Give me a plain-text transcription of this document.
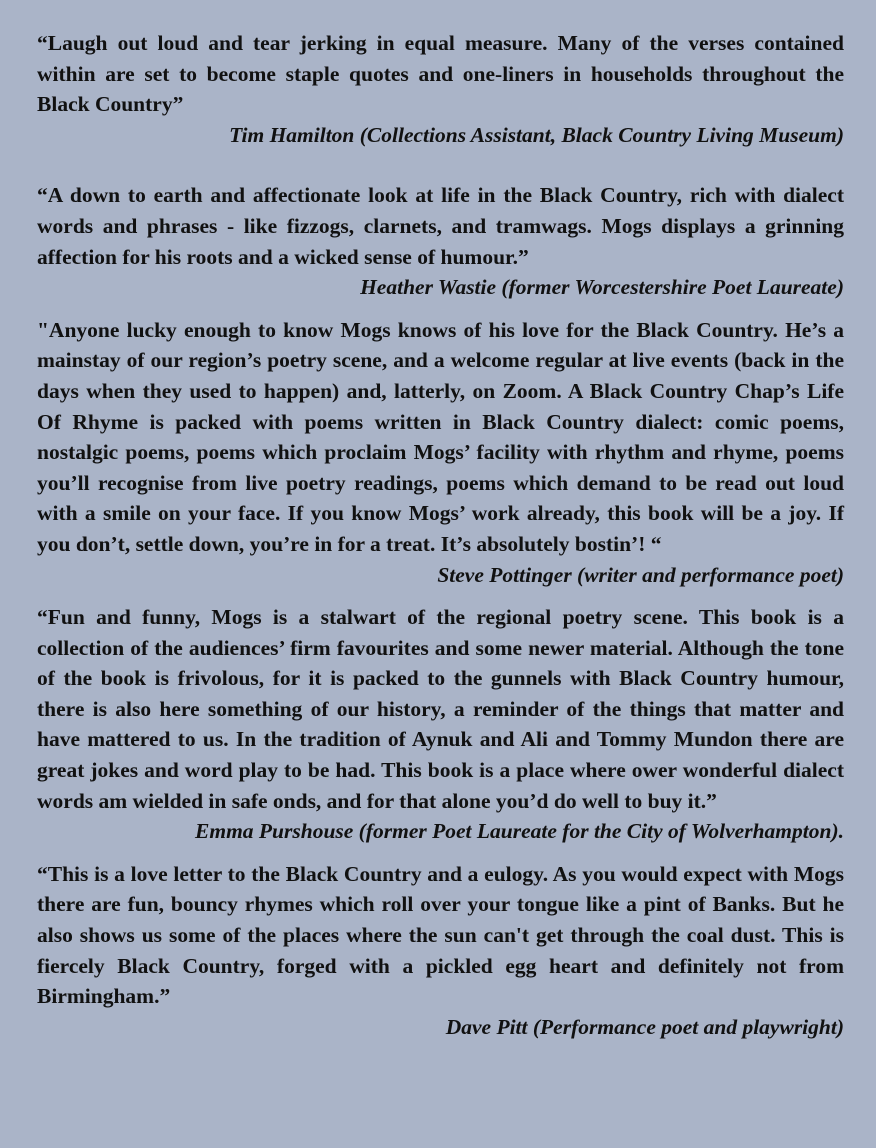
“Laugh out loud and tear jerking in equal measure. Many of the verses contained within are set to become staple quotes and one-liners in households throughout the Black Country”

Tim Hamilton (Collections Assistant, Black Country Living Museum)

“A down to earth and affectionate look at life in the Black Country, rich with dialect words and phrases - like fizzogs, clarnets, and tramwags. Mogs displays a grinning affection for his roots and a wicked sense of humour.”

Heather Wastie (former Worcestershire Poet Laureate)

"Anyone lucky enough to know Mogs knows of his love for the Black Country. He’s a mainstay of our region’s poetry scene, and a welcome regular at live events (back in the days when they used to happen) and, latterly, on Zoom. A Black Country Chap’s Life Of Rhyme is packed with poems written in Black Country dialect: comic poems, nostalgic poems, poems which proclaim Mogs’ facility with rhythm and rhyme, poems you’ll recognise from live poetry readings, poems which demand to be read out loud with a smile on your face. If you know Mogs’ work already, this book will be a joy. If you don’t, settle down, you’re in for a treat. It’s absolutely bostin’! “

Steve Pottinger (writer and performance poet)

“Fun and funny, Mogs is a stalwart of the regional poetry scene. This book is a collection of the audiences’ firm favourites and some newer material. Although the tone of the book is frivolous, for it is packed to the gunnels with Black Country humour, there is also here something of our history, a reminder of the things that matter and have mattered to us. In the tradition of Aynuk and Ali and Tommy Mundon there are great jokes and word play to be had. This book is a place where ower wonderful dialect words am wielded in safe onds, and for that alone you’d do well to buy it.”

Emma Purshouse (former Poet Laureate for the City of Wolverhampton).

“This is a love letter to the Black Country and a eulogy. As you would expect with Mogs there are fun, bouncy rhymes which roll over your tongue like a pint of Banks. But he also shows us some of the places where the sun can't get through the coal dust. This is fiercely Black Country, forged with a pickled egg heart and definitely not from Birmingham.”

Dave Pitt (Performance poet and playwright)
